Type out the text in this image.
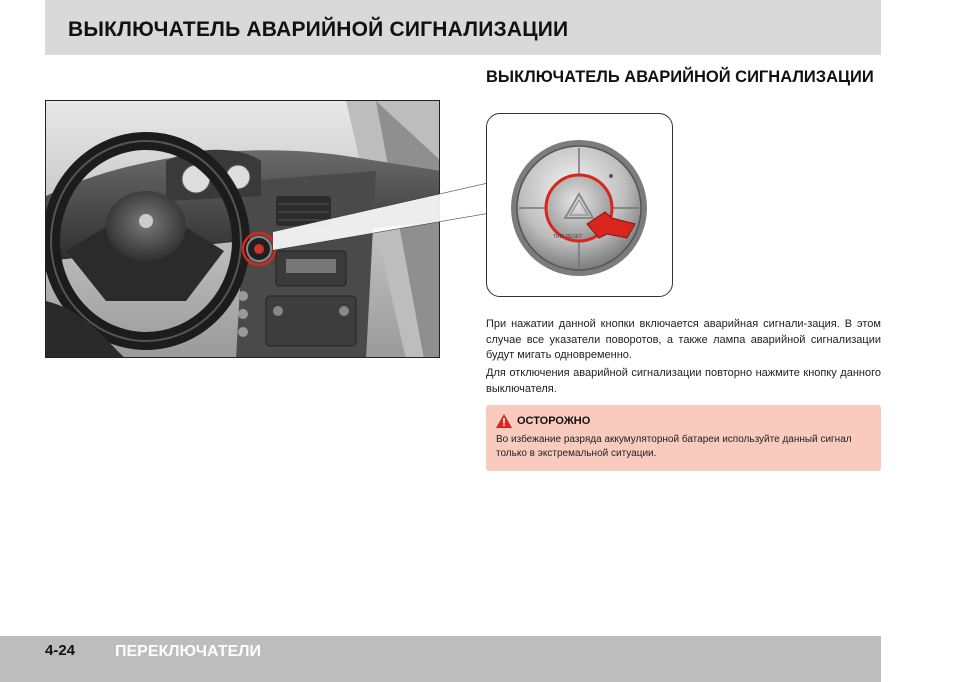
ВЫКЛЮЧАТЕЛЬ АВАРИЙНОЙ СИГНАЛИЗАЦИИ
ВЫКЛЮЧАТЕЛЬ АВАРИЙНОЙ СИГНАЛИЗАЦИИ
TRIP RESET
При нажатии данной кнопки включается аварийная сигнали-зация. В этом случае все указатели поворотов, а также лампа аварийной сигнализации будут мигать одновременно.
Для отключения аварийной сигнализации повторно нажмите кнопку данного выключателя.
ОСТОРОЖНО
Во избежание разряда аккумуляторной батареи используйте данный сигнал только в экстремальной ситуации.
4-24 ПЕРЕКЛЮЧАТЕЛИ
